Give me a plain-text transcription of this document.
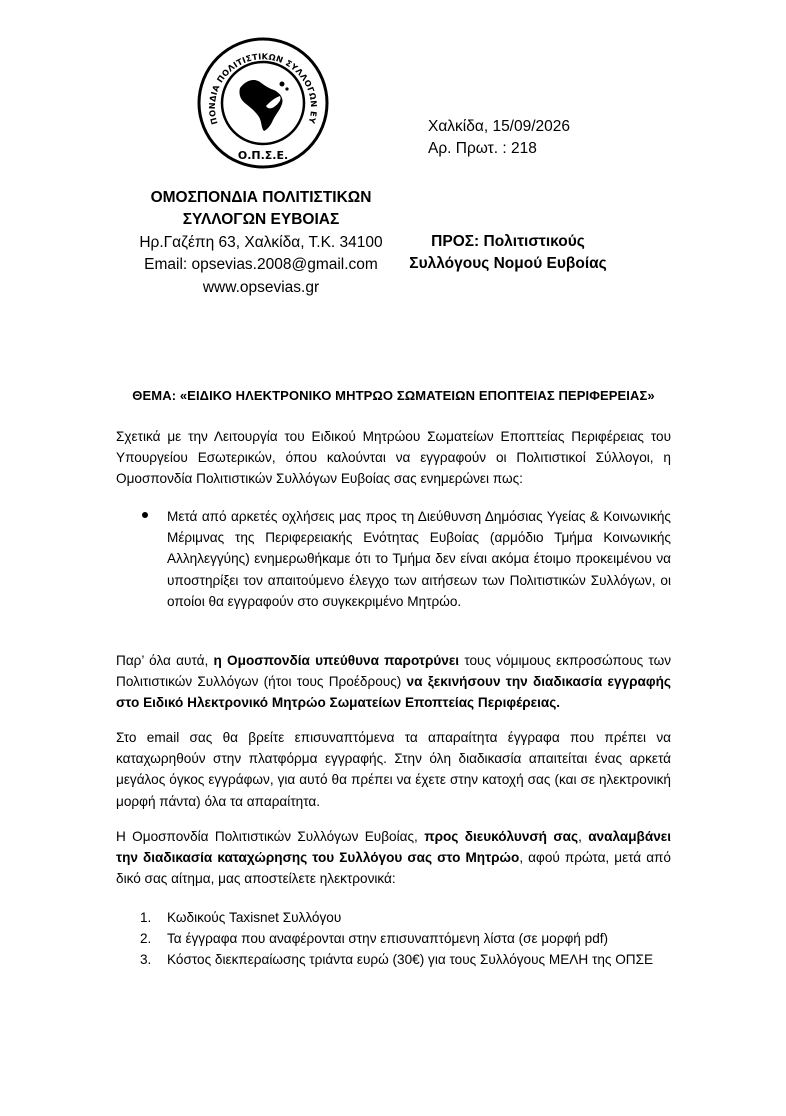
ΠΟΝΔΙΑ ΠΟΛΙΤΙΣΤΙΚΩΝ ΣΥΛΛΟΓΩΝ ΕΥ
Ο.Π.Σ.Ε.
ΟΜΟΣΠΟΝΔΙΑ ΠΟΛΙΤΙΣΤΙΚΩΝ
ΣΥΛΛΟΓΩΝ ΕΥΒΟΙΑΣ
Ηρ.Γαζέπη 63, Χαλκίδα, Τ.Κ. 34100
Email: opsevias.2008@gmail.com
www.opsevias.gr
Χαλκίδα, 15/09/2026
Αρ. Πρωτ. : 218
ΠΡΟΣ: Πολιτιστικούς
Συλλόγους Νομού Ευβοίας
ΘΕΜΑ: «ΕΙΔΙΚΟ ΗΛΕΚΤΡΟΝΙΚΟ ΜΗΤΡΩΟ ΣΩΜΑΤΕΙΩΝ ΕΠΟΠΤΕΙΑΣ ΠΕΡΙΦΕΡΕΙΑΣ»
Σχετικά με την Λειτουργία του Ειδικού Μητρώου Σωματείων Εποπτείας Περιφέρειας του Υπουργείου Εσωτερικών, όπου καλούνται να εγγραφούν οι Πολιτιστικοί Σύλλογοι, η Ομοσπονδία Πολιτιστικών Συλλόγων Ευβοίας σας ενημερώνει πως:
Μετά από αρκετές οχλήσεις μας προς τη Διεύθυνση Δημόσιας Υγείας & Κοινωνικής Μέριμνας της Περιφερειακής Ενότητας Ευβοίας (αρμόδιο Τμήμα Κοινωνικής Αλληλεγγύης) ενημερωθήκαμε ότι το Τμήμα δεν είναι ακόμα έτοιμο προκειμένου να υποστηρίξει τον απαιτούμενο έλεγχο των αιτήσεων των Πολιτιστικών Συλλόγων, οι οποίοι θα εγγραφούν στο συγκεκριμένο Μητρώο.
Παρ’ όλα αυτά, η Ομοσπονδία υπεύθυνα παροτρύνει τους νόμιμους εκπροσώπους των Πολιτιστικών Συλλόγων (ήτοι τους Προέδρους) να ξεκινήσουν την διαδικασία εγγραφής στο Ειδικό Ηλεκτρονικό Μητρώο Σωματείων Εποπτείας Περιφέρειας.
Στο email σας θα βρείτε επισυναπτόμενα τα απαραίτητα έγγραφα που πρέπει να καταχωρηθούν στην πλατφόρμα εγγραφής. Στην όλη διαδικασία απαιτείται ένας αρκετά μεγάλος όγκος εγγράφων, για αυτό θα πρέπει να έχετε στην κατοχή σας (και σε ηλεκτρονική μορφή πάντα) όλα τα απαραίτητα.
Η Ομοσπονδία Πολιτιστικών Συλλόγων Ευβοίας, προς διευκόλυνσή σας, αναλαμβάνει την διαδικασία καταχώρησης του Συλλόγου σας στο Μητρώο, αφού πρώτα, μετά από δικό σας αίτημα, μας αποστείλετε ηλεκτρονικά:
1. Κωδικούς Taxisnet Συλλόγου
2. Τα έγγραφα που αναφέρονται στην επισυναπτόμενη λίστα (σε μορφή pdf)
3. Κόστος διεκπεραίωσης τριάντα ευρώ (30€) για τους Συλλόγους ΜΕΛΗ της ΟΠΣΕ
